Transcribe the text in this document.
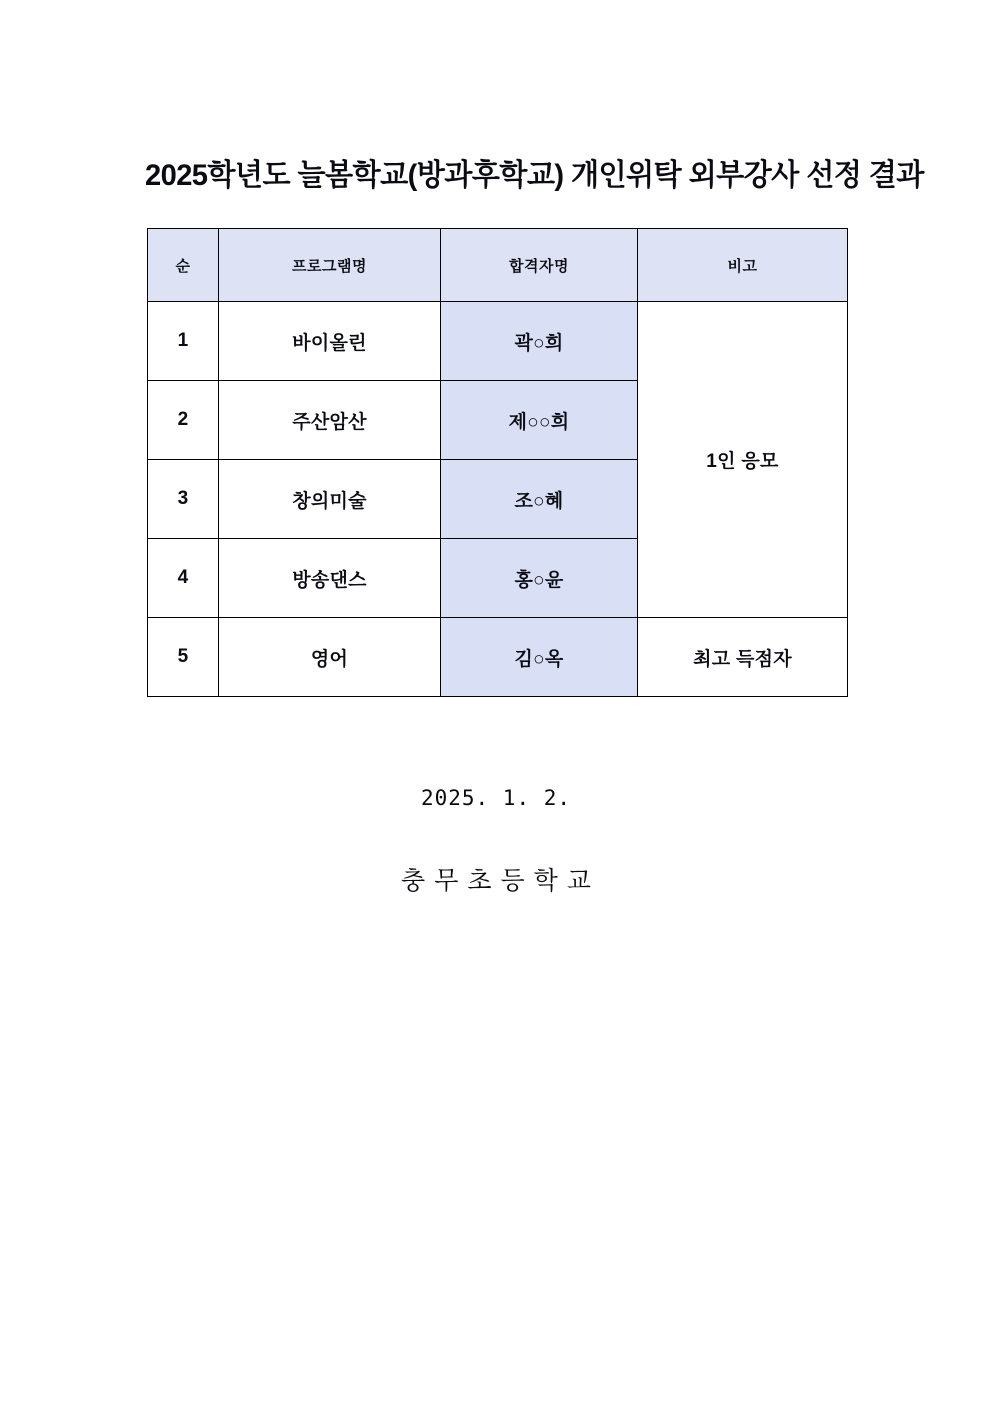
2025학년도 늘봄학교(방과후학교) 개인위탁 외부강사 선정 결과
순	프로그램명	합격자명	비고
1	바이올린	곽○희	1인 응모
2	주산암산	제○○희	
3	창의미술	조○혜	
4	방송댄스	홍○윤	
5	영어	김○옥	최고 득점자
2025. 1. 2.
충무초등학교
